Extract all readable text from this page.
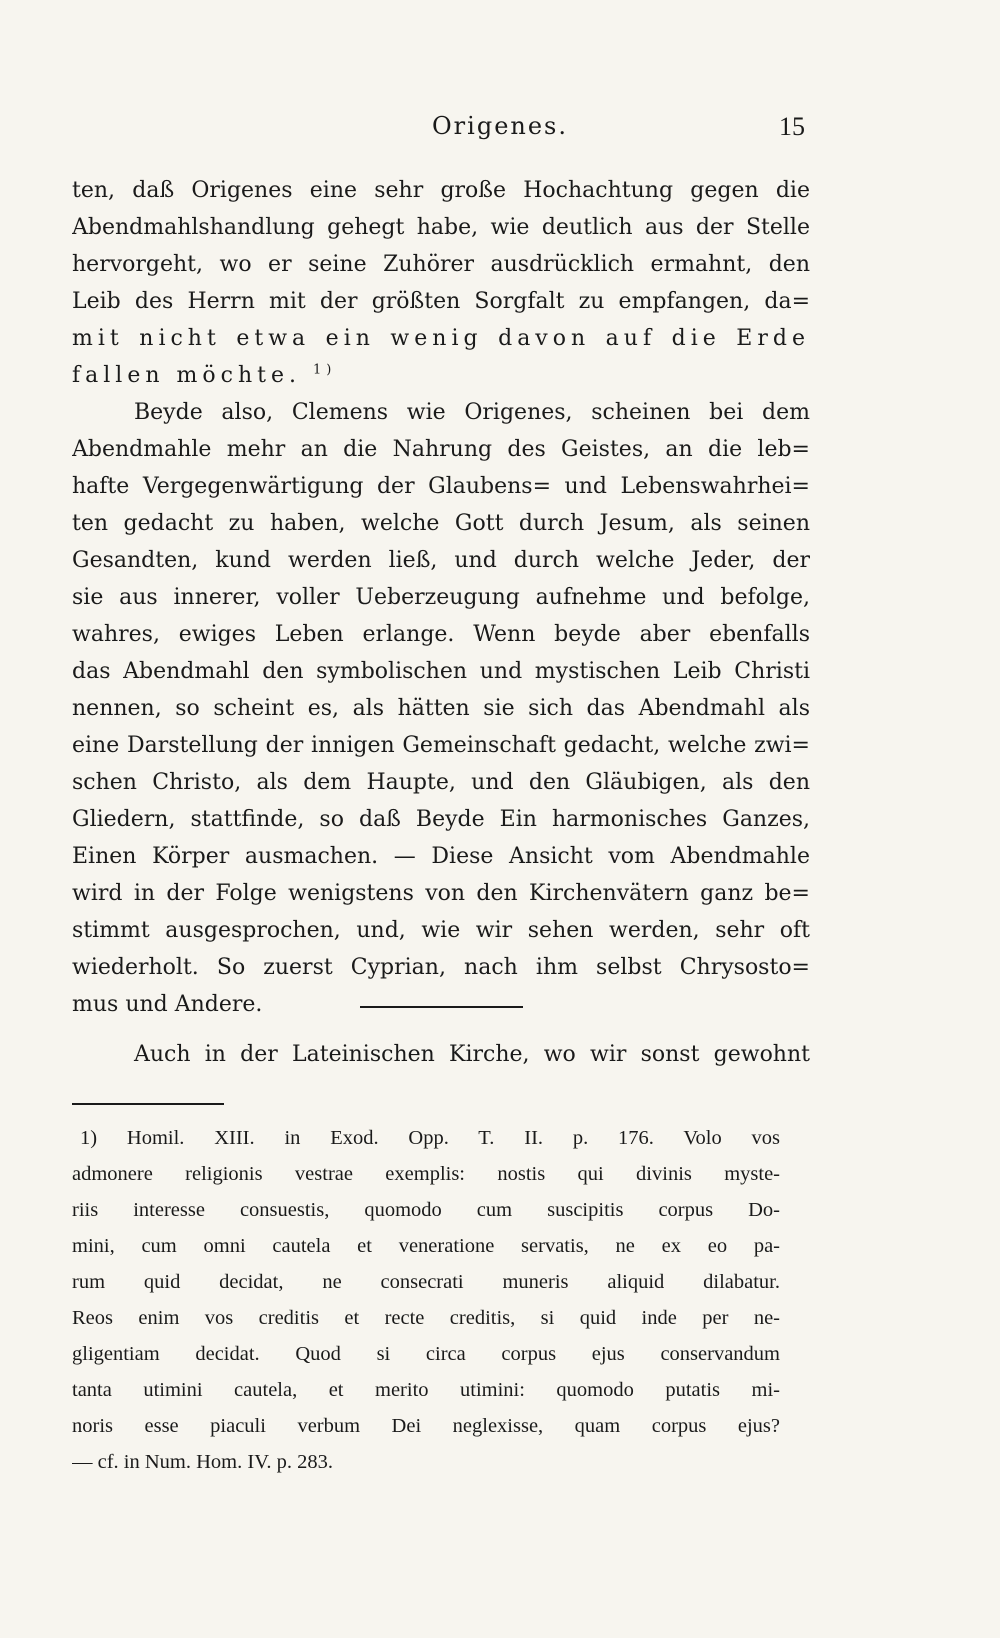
Origenes.	15
ten, daß Origenes eine sehr große Hochachtung gegen die
Abendmahlshandlung gehegt habe, wie deutlich aus der Stelle
hervorgeht, wo er seine Zuhörer ausdrücklich ermahnt, den
Leib des Herrn mit der größten Sorgfalt zu empfangen, da=
mit nicht etwa ein wenig davon auf die Erde
fallen möchte. $^{1)}$
Beyde also, Clemens wie Origenes, scheinen bei dem
Abendmahle mehr an die Nahrung des Geistes, an die leb=
hafte Vergegenwärtigung der Glaubens= und Lebenswahrhei=
ten gedacht zu haben, welche Gott durch Jesum, als seinen
Gesandten, kund werden ließ, und durch welche Jeder, der
sie aus innerer, voller Ueberzeugung aufnehme und befolge,
wahres, ewiges Leben erlange. Wenn beyde aber ebenfalls
das Abendmahl den symbolischen und mystischen Leib Christi
nennen, so scheint es, als hätten sie sich das Abendmahl als
eine Darstellung der innigen Gemeinschaft gedacht, welche zwi=
schen Christo, als dem Haupte, und den Gläubigen, als den
Gliedern, stattfinde, so daß Beyde Ein harmonisches Ganzes,
Einen Körper ausmachen. — Diese Ansicht vom Abendmahle
wird in der Folge wenigstens von den Kirchenvätern ganz be=
stimmt ausgesprochen, und, wie wir sehen werden, sehr oft
wiederholt. So zuerst Cyprian, nach ihm selbst Chrysosto=
mus und Andere.
Auch in der Lateinischen Kirche, wo wir sonst gewohnt
1) Homil. XIII. in Exod. Opp. T. II. p. 176. Volo vos
admonere religionis vestrae exemplis: nostis qui divinis myste-
riis interesse consuestis, quomodo cum suscipitis corpus Do-
mini, cum omni cautela et veneratione servatis, ne ex eo pa-
rum quid decidat, ne consecrati muneris aliquid dilabatur.
Reos enim vos creditis et recte creditis, si quid inde per ne-
gligentiam decidat. Quod si circa corpus ejus conservandum
tanta utimini cautela, et merito utimini: quomodo putatis mi-
noris esse piaculi verbum Dei neglexisse, quam corpus ejus?
— cf. in Num. Hom. IV. p. 283.
